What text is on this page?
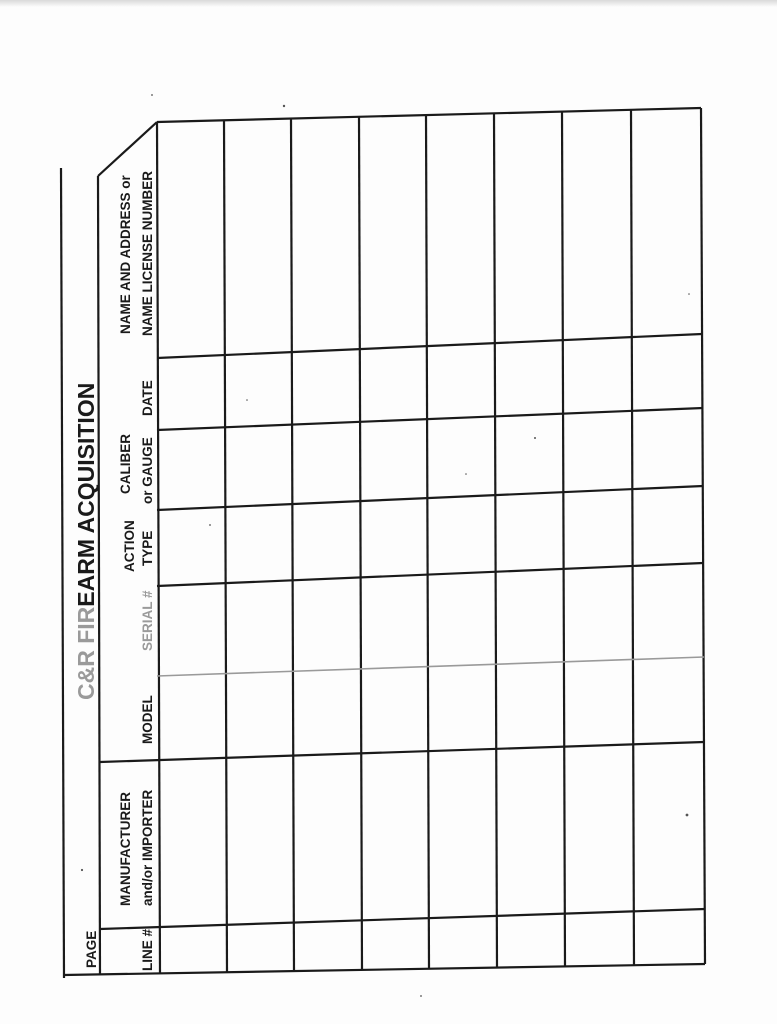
C&R FIREARM ACQUISITION
PAGE	LINE #
MANUFACTURER and/or IMPORTER
MODEL
SERIAL #
ACTION TYPE
CALIBER or GAUGE
DATE
NAME AND ADDRESS or NAME LICENSE NUMBER
